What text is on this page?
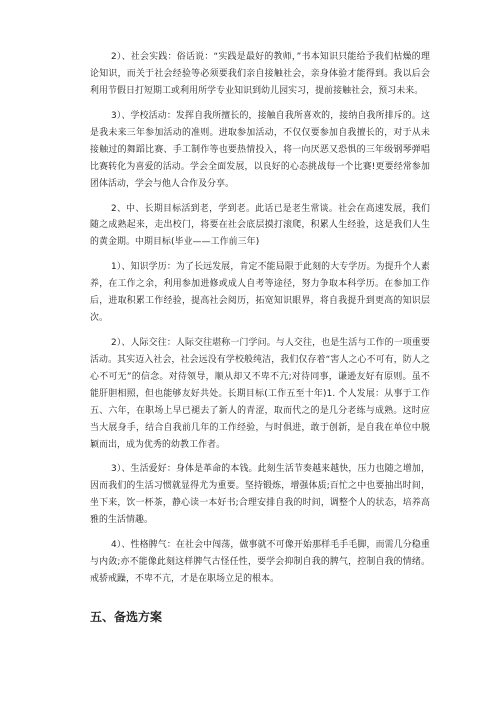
2）、社会实践：俗话说：“实践是最好的教师，”书本知识只能给予我们枯燥的理论知识，而关于社会经验等必须要我们亲自接触社会，亲身体验才能得到。我以后会利用节假日打短期工或利用所学专业知识到幼儿园实习，提前接触社会，预习未来。

3）、学校活动：发挥自我所擅长的，接触自我所喜欢的，接纳自我所排斥的。这是我未来三年参加活动的准则。进取参加活动，不仅仅要参加自我擅长的，对于从未接触过的舞蹈比赛、手工制作等也要热情投入，将一向厌恶又恐惧的三年级钢琴弹唱比赛转化为喜爱的活动。学会全面发展，以良好的心态挑战每一个比赛!更要经常参加团体活动，学会与他人合作及分享。

2、中、长期目标活到老，学到老。此话已是老生常谈。社会在高速发展，我们随之成熟起来，走出校门，将要在社会底层摸打滚爬，积累人生经验，这是我们人生的黄金期。中期目标(毕业——工作前三年)

1）、知识学历：为了长远发展，肯定不能局限于此刻的大专学历。为提升个人素养，在工作之余，利用参加进修或成人自考等途径，努力争取本科学历。在参加工作后，进取积累工作经验，提高社会阅历，拓宽知识眼界，将自我提升到更高的知识层次。

2）、人际交往：人际交往堪称一门学问。与人交往，也是生活与工作的一项重要活动。其实迈入社会，社会远没有学校般纯洁，我们仅存着“害人之心不可有，防人之心不可无”的信念。对待领导，顺从却又不卑不亢;对待同事，谦逊友好有原则。虽不能肝胆相照，但也能够友好共处。长期目标(工作五至十年)1. 个人发展：从事于工作五、六年，在职场上早已褪去了新人的青涩，取而代之的是几分老练与成熟。这时应当大展身手，结合自我前几年的工作经验，与时俱进，敢于创新，是自我在单位中脱颖而出，成为优秀的幼教工作者。

3）、生活爱好：身体是革命的本钱。此刻生活节奏越来越快，压力也随之增加，因而我们的生活习惯就显得尤为重要。坚持锻炼，增强体质;百忙之中也要抽出时间，坐下来，饮一杯茶，静心读一本好书;合理安排自我的时间，调整个人的状态，培养高雅的生活情趣。

4）、性格脾气：在社会中闯荡，做事就不可像开始那样毛手毛脚，而需几分稳重与内敛;亦不能像此刻这样脾气古怪任性，要学会抑制自我的脾气，控制自我的情绪。戒骄戒躁，不卑不亢，才是在职场立足的根本。

五、备选方案
